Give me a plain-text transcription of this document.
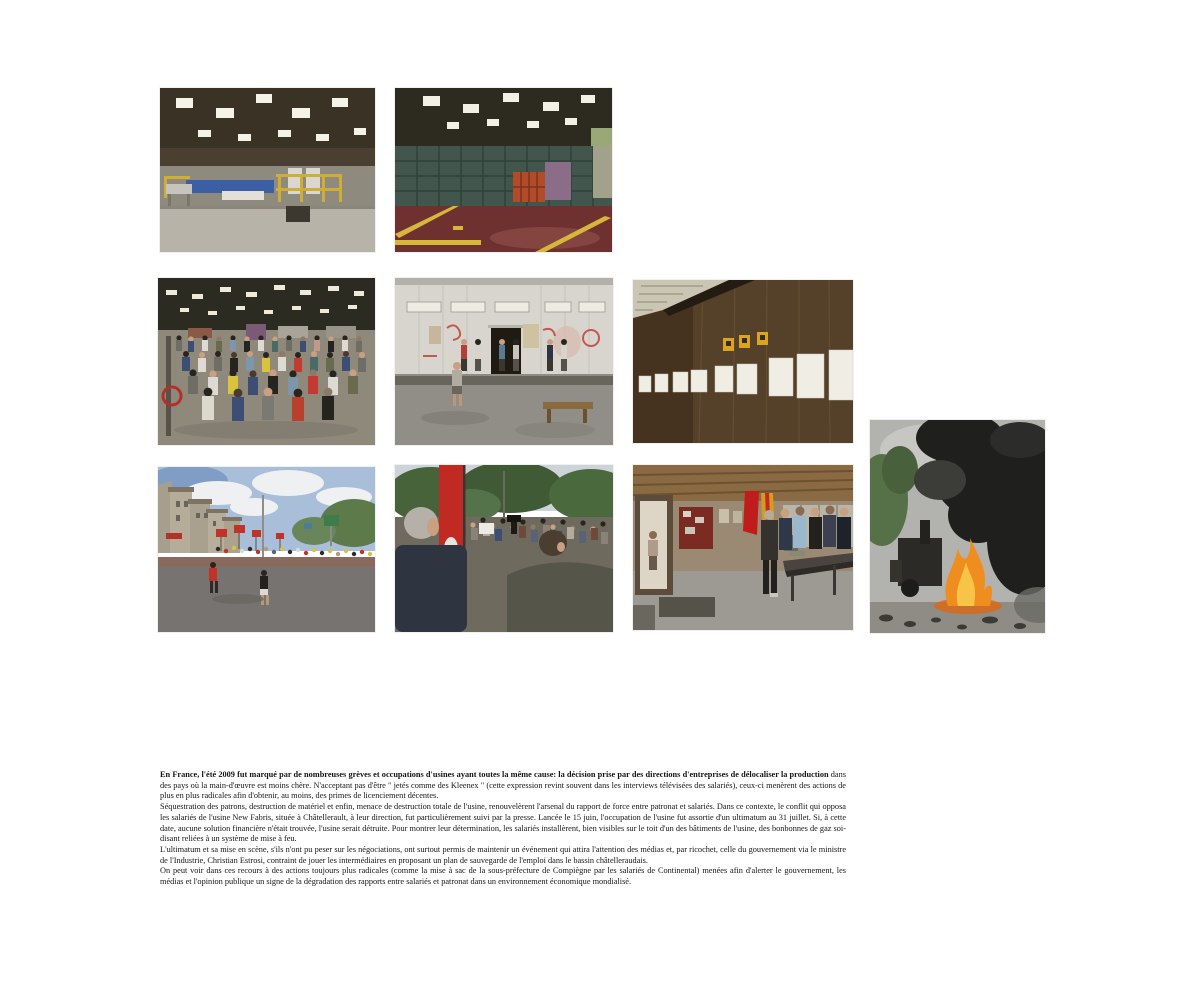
En France, l'été 2009 fut marqué par de nombreuses grèves et occupations d'usines ayant toutes la même cause: la décision prise par des directions d'entreprises de délocaliser la production dans des pays où la main-d'œuvre est moins chère. N'acceptant pas d'être " jetés comme des Kleenex " (cette expression revint souvent dans les interviews télévisées des salariés), ceux-ci menèrent des actions de plus en plus radicales afin d'obtenir, au moins, des primes de licenciement décentes.

Séquestration des patrons, destruction de matériel et enfin, menace de destruction totale de l'usine, renouvelèrent l'arsenal du rapport de force entre patronat et salariés. Dans ce contexte, le conflit qui opposa les salariés de l'usine New Fabris, située à Châtellerault, à leur direction, fut particulièrement suivi par la presse. Lancée le 15 juin, l'occupation de l'usine fut assortie d'un ultimatum au 31 juillet. Si, à cette date, aucune solution financière n'était trouvée, l'usine serait détruite. Pour montrer leur détermination, les salariés installèrent, bien visibles sur le toit d'un des bâtiments de l'usine, des bonbonnes de gaz soi-disant reliées à un système de mise à feu.

L'ultimatum et sa mise en scène, s'ils n'ont pu peser sur les négociations, ont surtout permis de maintenir un événement qui attira l'attention des médias et, par ricochet, celle du gouvernement via le ministre de l'Industrie, Christian Estrosi, contraint de jouer les intermédiaires en proposant un plan de sauvegarde de l'emploi dans le bassin châtelleraudais.

On peut voir dans ces recours à des actions toujours plus radicales (comme la mise à sac de la sous-préfecture de Compiègne par les salariés de Continental) menées afin d'alerter le gouvernement, les médias et l'opinion publique un signe de la dégradation des rapports entre salariés et patronat dans un environnement économique mondialisé.
